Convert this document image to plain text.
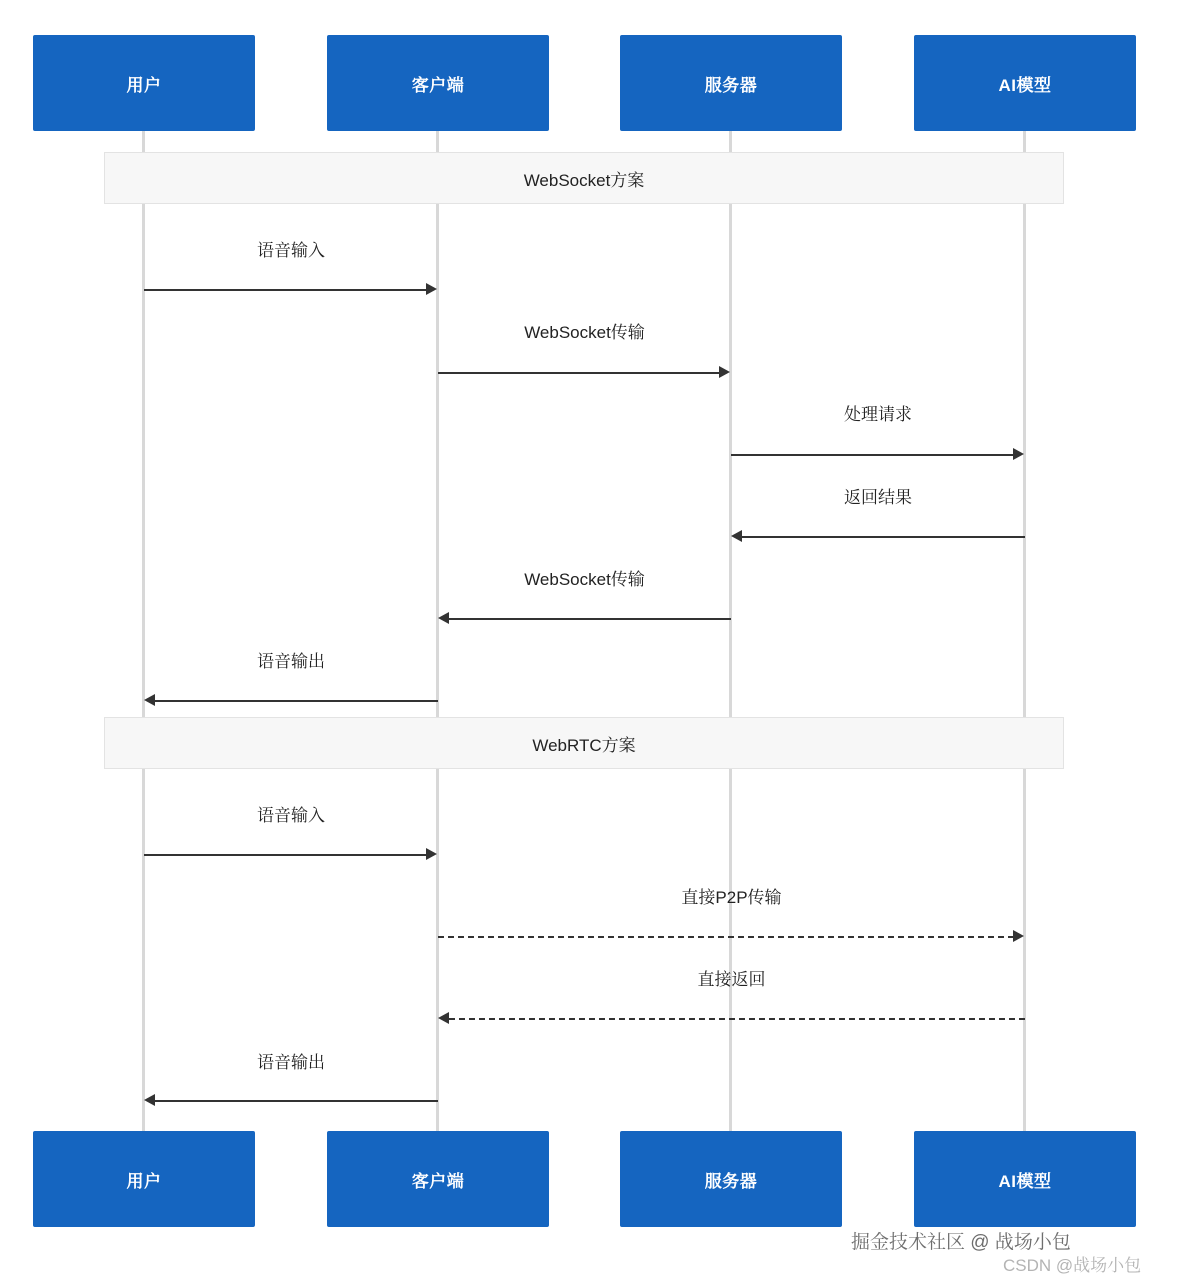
用户	客户端	服务器	AI模型
用户	客户端	服务器	AI模型
WebSocket方案
WebRTC方案
语音输入
WebSocket传输
处理请求
返回结果
WebSocket传输
语音输出
语音输入
直接P2P传输
直接返回
语音输出
掘金技术社区 @ 战场小包
CSDN @战场小包
